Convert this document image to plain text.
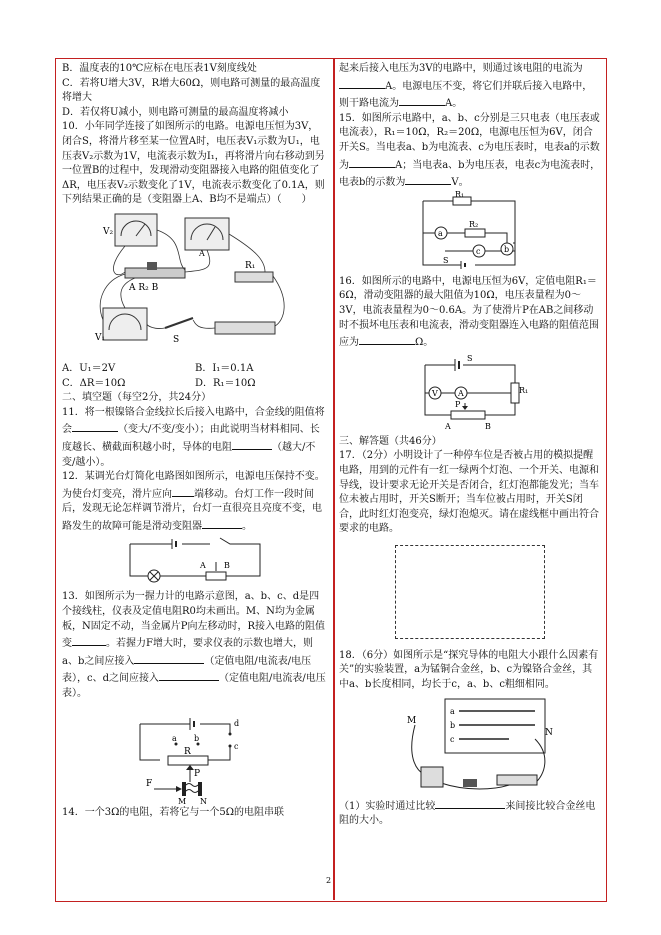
B．温度表的10℃应标在电压表1V刻度线处

C．若将U增大3V，R增大60Ω，则电路可测量的最高温度将增大

D．若仅将U减小，则电路可测量的最高温度将减小

10．小年同学连接了如图所示的电路。电源电压恒为3V，闭合S，将滑片移至某一位置A时，电压表V₁示数为U₁，电压表V₂示数为1V，电流表示数为I₁，再将滑片向右移动到另一位置B的过程中，发现滑动变阻器接入电路的阻值变化了ΔR，电压表V₂示数变化了1V，电流表示数变化了0.1A，则下列结果正确的是（变阻器上A、B均不是端点）（　　）

V₂
A
R₁
V₁	S
A R₂ B
A．U₁＝2V	B．I₁＝0.1A
C．ΔR＝10Ω	D．R₁＝10Ω

二、填空题（每空2分，共24分）

11．将一根镍铬合金线拉长后接入电路中，合金线的阻值将会	（变大/不变/变小）；由此说明当材料相同、长度越长、横截面积越小时，导体的电阻	（越大/不变/越小）。

12．某调光台灯简化电路图如图所示，电源电压保持不变。为使台灯变亮，滑片应向 端移动。台灯工作一段时间后，发现无论怎样调节滑片，台灯一直很亮且亮度不变，电路发生的故障可能是滑动变阻器	。

A B

13．如图所示为一握力计的电路示意图，a、b、c、d是四个接线柱，仪表及定值电阻R0均未画出。M、N均为金属板，N固定不动，当金属片P向左移动时，R接入电路的阻值变	。若握力F增大时，要求仪表的示数也增大，则a、b之间应接入	（定值电阻/电流表/电压表），c、d之间应接入	（定值电阻/电流表/电压表）。

d
a b
c
R
P
F
M N

14．一个3Ω的电阻，若将它与一个5Ω的电阻串联

起来后接入电压为3V的电路中，则通过该电阻的电流为A。电源电压不变，将它们并联后接入电路中，则干路电流为	A。

15．如图所示电路中，a、b、c分别是三只电表（电压表或电流表），R₁＝10Ω，R₂＝20Ω，电源电压恒为6V，闭合开关S。当电表a、b为电流表、c为电压表时，电表a的示数为	A；当电表a、b为电压表，电表c为电流表时，电表b的示数为	V。

R₁
R₂
a
b
c
S

16．如图所示的电路中，电源电压恒为6V，定值电阻R₁＝6Ω，滑动变阻器的最大阻值为10Ω，电压表量程为0～3V，电流表量程为0～0.6A。为了使滑片P在AB之间移动时不损坏电压表和电流表，滑动变阻器连入电路的阻值范围应为	Ω。

S
V	A	R₁
P
A	B

三、解答题（共46分）

17．（2分）小明设计了一种停车位是否被占用的模拟提醒电路，用到的元件有一红一绿两个灯泡、一个开关、电源和导线，设计要求无论开关是否闭合，红灯泡都能发光；当车位未被占用时，开关S断开；当车位被占用时，开关S闭合，此时红灯泡变亮，绿灯泡熄灭。请在虚线框中画出符合要求的电路。

18．（6分）如图所示是“探究导体的电阻大小跟什么因素有关”的实验装置，a为锰铜合金丝，b、c为镍铬合金丝，其中a、b长度相同，均长于c，a、b、c粗细相同。

a
b
c
M
N

（1）实验时通过比较	来间接比较合金丝电阻的大小。

2
